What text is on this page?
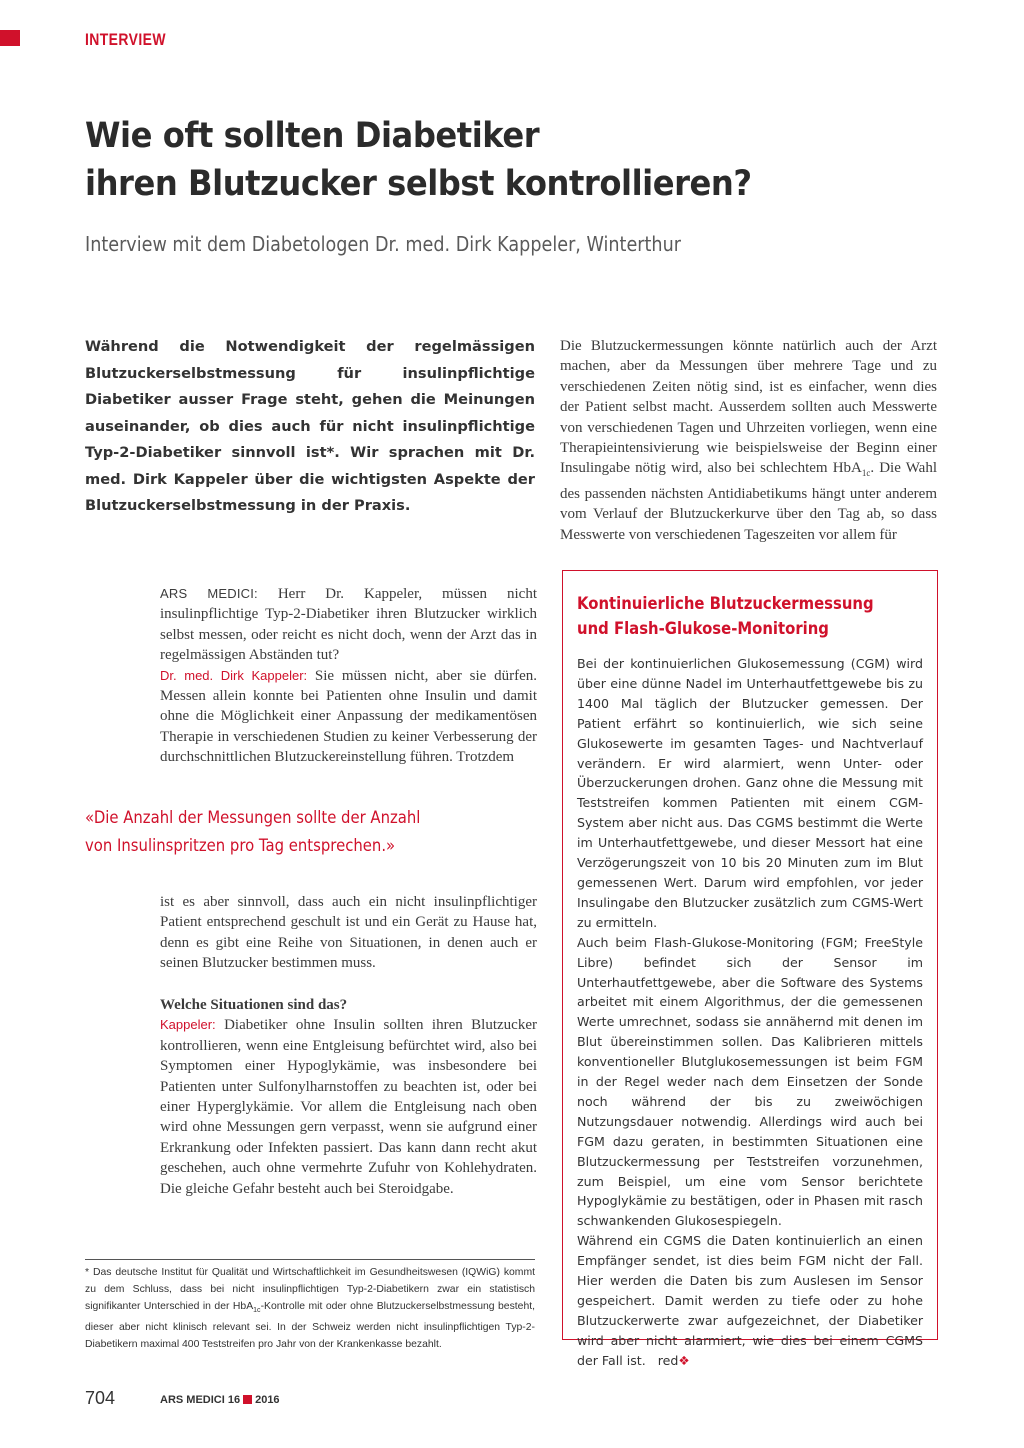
INTERVIEW
Wie oft sollten Diabetiker
ihren Blutzucker selbst kontrollieren?
Interview mit dem Diabetologen Dr. med. Dirk Kappeler, Winterthur
Während die Notwendigkeit der regelmässigen Blutzuckerselbstmessung für insulinpflichtige Diabetiker ausser Frage steht, gehen die Meinungen auseinander, ob dies auch für nicht insulinpflichtige Typ-2-Diabetiker sinnvoll ist*. Wir sprachen mit Dr. med. Dirk Kappeler über die wichtigsten Aspekte der Blutzuckerselbstmessung in der Praxis.
Die Blutzuckermessungen könnte natürlich auch der Arzt machen, aber da Messungen über mehrere Tage und zu verschiedenen Zeiten nötig sind, ist es einfacher, wenn dies der Patient selbst macht. Ausserdem sollten auch Messwerte von verschiedenen Tagen und Uhrzeiten vorliegen, wenn eine Therapieintensivierung wie beispielsweise der Beginn einer Insulingabe nötig wird, also bei schlechtem HbA$_{1c}$. Die Wahl des passenden nächsten Antidiabetikums hängt unter anderem vom Verlauf der Blutzuckerkurve über den Tag ab, so dass Messwerte von verschiedenen Tageszeiten vor allem für
ARS MEDICI: Herr Dr. Kappeler, müssen nicht insulinpflichtige Typ-2-Diabetiker ihren Blutzucker wirklich selbst messen, oder reicht es nicht doch, wenn der Arzt das in regelmässigen Abständen tut?
Dr. med. Dirk Kappeler: Sie müssen nicht, aber sie dürfen. Messen allein konnte bei Patienten ohne Insulin und damit ohne die Möglichkeit einer Anpassung der medikamentösen Therapie in verschiedenen Studien zu keiner Verbesserung der durchschnittlichen Blutzuckereinstellung führen. Trotzdem
«Die Anzahl der Messungen sollte der Anzahl
von Insulinspritzen pro Tag entsprechen.»
ist es aber sinnvoll, dass auch ein nicht insulinpflichtiger Patient entsprechend geschult ist und ein Gerät zu Hause hat, denn es gibt eine Reihe von Situationen, in denen auch er seinen Blutzucker bestimmen muss.
Welche Situationen sind das?
Kappeler: Diabetiker ohne Insulin sollten ihren Blutzucker kontrollieren, wenn eine Entgleisung befürchtet wird, also bei Symptomen einer Hypoglykämie, was insbesondere bei Patienten unter Sulfonylharnstoffen zu beachten ist, oder bei einer Hyperglykämie. Vor allem die Entgleisung nach oben wird ohne Messungen gern verpasst, wenn sie aufgrund einer Erkrankung oder Infekten passiert. Das kann dann recht akut geschehen, auch ohne vermehrte Zufuhr von Kohlehydraten. Die gleiche Gefahr besteht auch bei Steroidgabe.
* Das deutsche Institut für Qualität und Wirtschaftlichkeit im Gesundheitswesen (IQWiG) kommt zu dem Schluss, dass bei nicht insulinpflichtigen Typ-2-Diabetikern zwar ein statistisch signifikanter Unterschied in der HbA$_{1c}$-Kontrolle mit oder ohne Blutzuckerselbstmessung besteht, dieser aber nicht klinisch relevant sei. In der Schweiz werden nicht insulinpflichtigen Typ-2-Diabetikern maximal 400 Teststreifen pro Jahr von der Krankenkasse bezahlt.
Kontinuierliche Blutzuckermessung
und Flash-Glukose-Monitoring
Bei der kontinuierlichen Glukosemessung (CGM) wird über eine dünne Nadel im Unterhautfettgewebe bis zu 1400 Mal täglich der Blutzucker gemessen. Der Patient erfährt so kontinuierlich, wie sich seine Glukosewerte im gesamten Tages- und Nachtverlauf verändern. Er wird alarmiert, wenn Unter- oder Überzuckerungen drohen. Ganz ohne die Messung mit Teststreifen kommen Patienten mit einem CGM-System aber nicht aus. Das CGMS bestimmt die Werte im Unterhautfettgewebe, und dieser Messort hat eine Verzögerungszeit von 10 bis 20 Minuten zum im Blut gemessenen Wert. Darum wird empfohlen, vor jeder Insulingabe den Blutzucker zusätzlich zum CGMS-Wert zu ermitteln.
Auch beim Flash-Glukose-Monitoring (FGM; FreeStyle Libre) befindet sich der Sensor im Unterhautfettgewebe, aber die Software des Systems arbeitet mit einem Algorithmus, der die gemessenen Werte umrechnet, sodass sie annähernd mit denen im Blut übereinstimmen sollen. Das Kalibrieren mittels konventioneller Blutglukosemessungen ist beim FGM in der Regel weder nach dem Einsetzen der Sonde noch während der bis zu zweiwöchigen Nutzungsdauer notwendig. Allerdings wird auch bei FGM dazu geraten, in bestimmten Situationen eine Blutzuckermessung per Teststreifen vorzunehmen, zum Beispiel, um eine vom Sensor berichtete Hypoglykämie zu bestätigen, oder in Phasen mit rasch schwankenden Glukosespiegeln.
Während ein CGMS die Daten kontinuierlich an einen Empfänger sendet, ist dies beim FGM nicht der Fall. Hier werden die Daten bis zum Auslesen im Sensor gespeichert. Damit werden zu tiefe oder zu hohe Blutzuckerwerte zwar aufgezeichnet, der Diabetiker wird aber nicht alarmiert, wie dies bei einem CGMS der Fall ist. red❖
704	ARS MEDICI 16 2016
